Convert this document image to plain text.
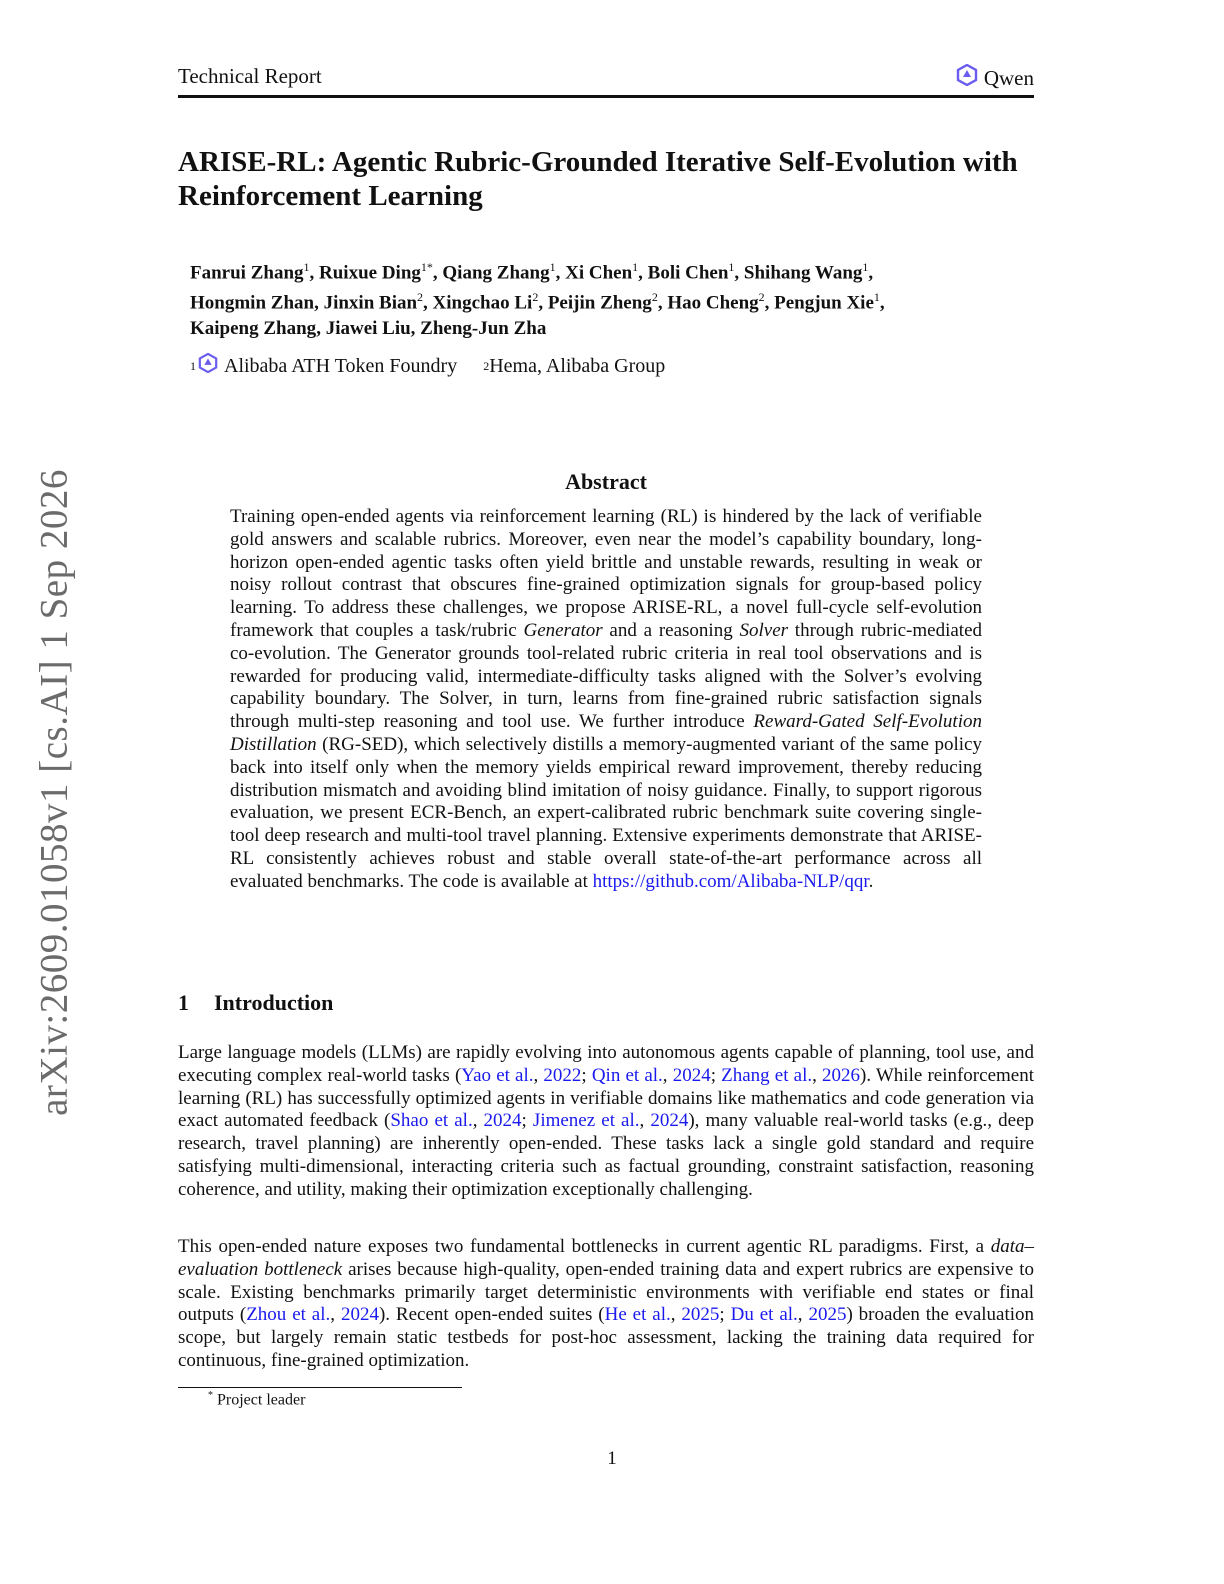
arXiv:2609.01058v1 [cs.AI] 1 Sep 2026
Technical Report	Qwen
ARISE-RL: Agentic Rubric-Grounded Iterative Self-Evolution with Reinforcement Learning
Fanrui Zhang$^1$, Ruixue Ding$^{1*}$, Qiang Zhang$^1$, Xi Chen$^1$, Boli Chen$^1$, Shihang Wang$^1$,
Hongmin Zhan, Jinxin Bian$^2$, Xingchao Li$^2$, Peijin Zheng$^2$, Hao Cheng$^2$, Pengjun Xie$^1$,
Kaipeng Zhang, Jiawei Liu, Zheng-Jun Zha
1 Alibaba ATH Token Foundry 2 Hema, Alibaba Group
Abstract

Training open-ended agents via reinforcement learning (RL) is hindered by the lack of verifiable gold answers and scalable rubrics. Moreover, even near the model’s capability boundary, long-horizon open-ended agentic tasks often yield brittle and unstable rewards, resulting in weak or noisy rollout contrast that obscures fine-grained optimization signals for group-based policy learning. To address these challenges, we propose ARISE-RL, a novel full-cycle self-evolution framework that couples a task/rubric Generator and a reasoning Solver through rubric-mediated co-evolution. The Generator grounds tool-related rubric criteria in real tool observations and is rewarded for producing valid, intermediate-difficulty tasks aligned with the Solver’s evolving capability boundary. The Solver, in turn, learns from fine-grained rubric satisfaction signals through multi-step reasoning and tool use. We further introduce Reward-Gated Self-Evolution Distillation (RG-SED), which selectively distills a memory-augmented variant of the same policy back into itself only when the memory yields empirical reward improvement, thereby reducing distribution mismatch and avoiding blind imitation of noisy guidance. Finally, to support rigorous evaluation, we present ECR-Bench, an expert-calibrated rubric benchmark suite covering single-tool deep research and multi-tool travel planning. Extensive experiments demonstrate that ARISE-RL consistently achieves robust and stable overall state-of-the-art performance across all evaluated benchmarks. The code is available at https://github.com/Alibaba-NLP/qqr.

1 Introduction

Large language models (LLMs) are rapidly evolving into autonomous agents capable of planning, tool use, and executing complex real-world tasks (Yao et al., 2022; Qin et al., 2024; Zhang et al., 2026). While reinforcement learning (RL) has successfully optimized agents in verifiable domains like mathematics and code generation via exact automated feedback (Shao et al., 2024; Jimenez et al., 2024), many valuable real-world tasks (e.g., deep research, travel planning) are inherently open-ended. These tasks lack a single gold standard and require satisfying multi-dimensional, interacting criteria such as factual grounding, constraint satisfaction, reasoning coherence, and utility, making their optimization exceptionally challenging.

This open-ended nature exposes two fundamental bottlenecks in current agentic RL paradigms. First, a data–evaluation bottleneck arises because high-quality, open-ended training data and expert rubrics are expensive to scale. Existing benchmarks primarily target deterministic environments with verifiable end states or final outputs (Zhou et al., 2024). Recent open-ended suites (He et al., 2025; Du et al., 2025) broaden the evaluation scope, but largely remain static testbeds for post-hoc assessment, lacking the training data required for continuous, fine-grained optimization.

* Project leader
1
